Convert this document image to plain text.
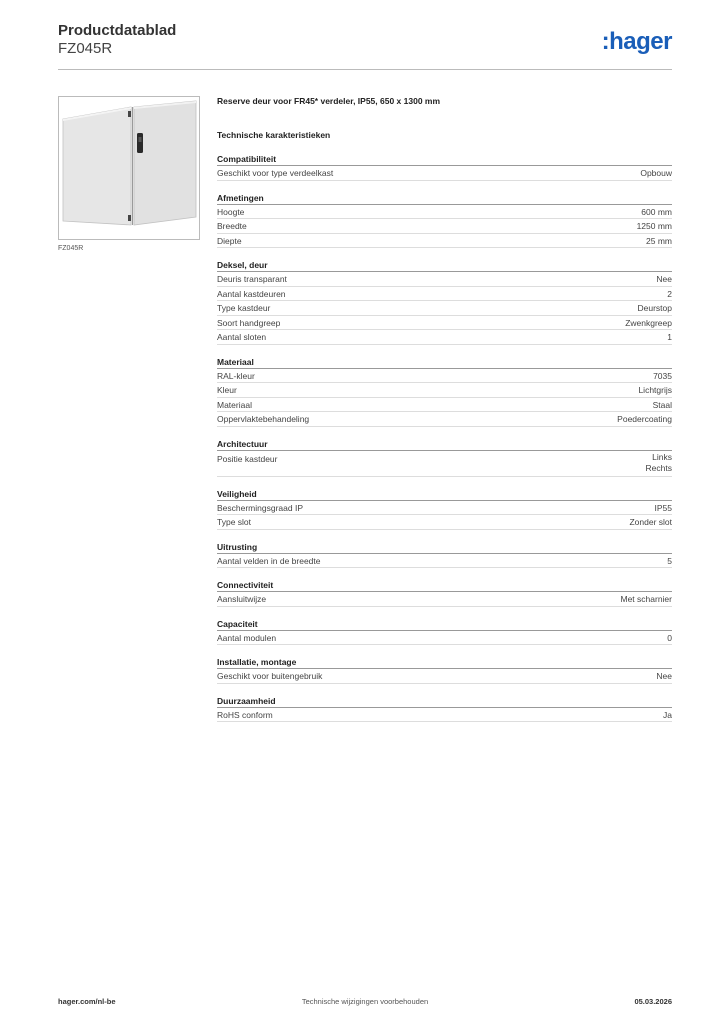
Productdatablad
FZ045R	:hager
FZ045R
Reserve deur voor FR45* verdeler, IP55, 650 x 1300 mm
Technische karakteristieken
Compatibiliteit
Geschikt voor type verdeelkast	Opbouw
Afmetingen
Hoogte	600 mm
Breedte	1250 mm
Diepte	25 mm
Deksel, deur
Deuris transparant	Nee
Aantal kastdeuren	2
Type kastdeur	Deurstop
Soort handgreep	Zwenkgreep
Aantal sloten	1
Materiaal
RAL-kleur	7035
Kleur	Lichtgrijs
Materiaal	Staal
Oppervlaktebehandeling	Poedercoating
Architectuur
Positie kastdeur	Links
Rechts
Veiligheid
Beschermingsgraad IP	IP55
Type slot	Zonder slot
Uitrusting
Aantal velden in de breedte	5
Connectiviteit
Aansluitwijze	Met scharnier
Capaciteit
Aantal modulen	0
Installatie, montage
Geschikt voor buitengebruik	Nee
Duurzaamheid
RoHS conform	Ja
Technische wijzigingen voorbehouden
hager.com/nl-be	05.03.2026
